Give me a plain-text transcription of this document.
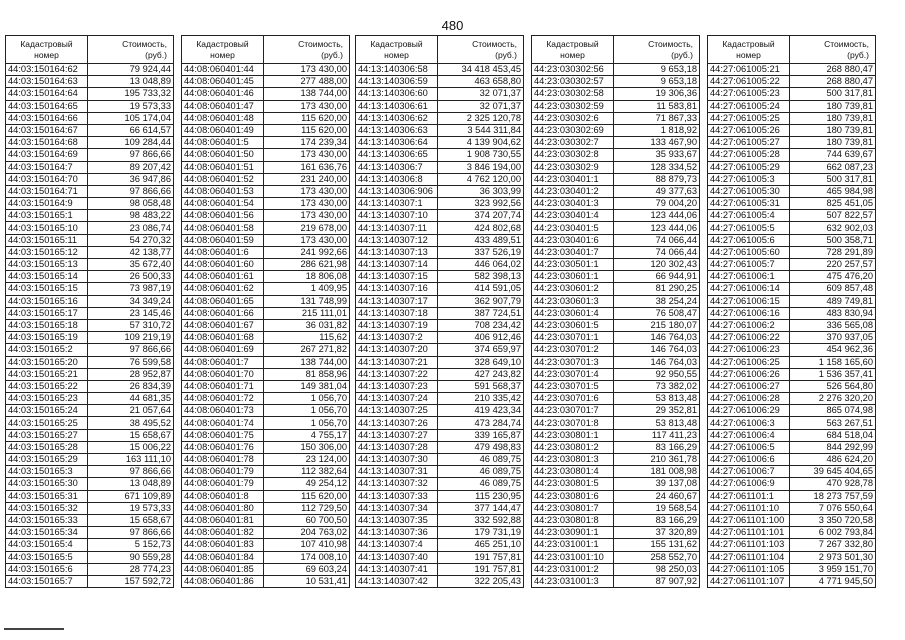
480
Кадастровый
номер	Стоимость,
(руб.)
44:03:150164:62	79 924,44
44:03:150164:63	13 048,89
44:03:150164:64	195 733,32
44:03:150164:65	19 573,33
44:03:150164:66	105 174,04
44:03:150164:67	66 614,57
44:03:150164:68	109 284,44
44:03:150164:69	97 866,66
44:03:150164:7	89 207,42
44:03:150164:70	36 947,86
44:03:150164:71	97 866,66
44:03:150164:9	98 058,48
44:03:150165:1	98 483,22
44:03:150165:10	23 086,74
44:03:150165:11	54 270,32
44:03:150165:12	42 138,77
44:03:150165:13	35 672,40
44:03:150165:14	26 500,33
44:03:150165:15	73 987,19
44:03:150165:16	34 349,24
44:03:150165:17	23 145,46
44:03:150165:18	57 310,72
44:03:150165:19	109 219,19
44:03:150165:2	97 866,66
44:03:150165:20	76 599,58
44:03:150165:21	28 952,87
44:03:150165:22	26 834,39
44:03:150165:23	44 681,35
44:03:150165:24	21 057,64
44:03:150165:25	38 495,52
44:03:150165:27	15 658,67
44:03:150165:28	15 006,22
44:03:150165:29	163 111,10
44:03:150165:3	97 866,66
44:03:150165:30	13 048,89
44:03:150165:31	671 109,89
44:03:150165:32	19 573,33
44:03:150165:33	15 658,67
44:03:150165:34	97 866,66
44:03:150165:4	5 152,73
44:03:150165:5	90 559,28
44:03:150165:6	28 774,23
44:03:150165:7	157 592,72
Кадастровый
номер	Стоимость,
(руб.)
44:08:060401:44	173 430,00
44:08:060401:45	277 488,00
44:08:060401:46	138 744,00
44:08:060401:47	173 430,00
44:08:060401:48	115 620,00
44:08:060401:49	115 620,00
44:08:060401:5	174 239,34
44:08:060401:50	173 430,00
44:08:060401:51	161 636,76
44:08:060401:52	231 240,00
44:08:060401:53	173 430,00
44:08:060401:54	173 430,00
44:08:060401:56	173 430,00
44:08:060401:58	219 678,00
44:08:060401:59	173 430,00
44:08:060401:6	241 992,66
44:08:060401:60	286 621,98
44:08:060401:61	18 806,08
44:08:060401:62	1 409,95
44:08:060401:65	131 748,99
44:08:060401:66	215 111,01
44:08:060401:67	36 031,82
44:08:060401:68	115,62
44:08:060401:69	267 271,82
44:08:060401:7	138 744,00
44:08:060401:70	81 858,96
44:08:060401:71	149 381,04
44:08:060401:72	1 056,70
44:08:060401:73	1 056,70
44:08:060401:74	1 056,70
44:08:060401:75	4 755,17
44:08:060401:76	150 306,00
44:08:060401:78	23 124,00
44:08:060401:79	112 382,64
44:08:060401:79	49 254,12
44:08:060401:8	115 620,00
44:08:060401:80	112 729,50
44:08:060401:81	60 700,50
44:08:060401:82	204 763,02
44:08:060401:83	107 410,98
44:08:060401:84	174 008,10
44:08:060401:85	69 603,24
44:08:060401:86	10 531,41
Кадастровый
номер	Стоимость,
(руб.)
44:13:140306:58	34 418 453,45
44:13:140306:59	463 658,80
44:13:140306:60	32 071,37
44:13:140306:61	32 071,37
44:13:140306:62	2 325 120,78
44:13:140306:63	3 544 311,84
44:13:140306:64	4 139 904,62
44:13:140306:65	1 908 730,55
44:13:140306:7	3 846 194,00
44:13:140306:8	4 762 120,00
44:13:140306:906	36 303,99
44:13:140307:1	323 992,56
44:13:140307:10	374 207,74
44:13:140307:11	424 802,68
44:13:140307:12	433 489,51
44:13:140307:13	337 526,19
44:13:140307:14	446 064,02
44:13:140307:15	582 398,13
44:13:140307:16	414 591,05
44:13:140307:17	362 907,79
44:13:140307:18	387 724,51
44:13:140307:19	708 234,42
44:13:140307:2	406 912,46
44:13:140307:20	374 659,97
44:13:140307:21	328 649,10
44:13:140307:22	427 243,82
44:13:140307:23	591 568,37
44:13:140307:24	210 335,42
44:13:140307:25	419 423,34
44:13:140307:26	473 284,74
44:13:140307:27	339 165,87
44:13:140307:28	479 498,83
44:13:140307:30	46 089,75
44:13:140307:31	46 089,75
44:13:140307:32	46 089,75
44:13:140307:33	115 230,95
44:13:140307:34	377 144,47
44:13:140307:35	332 592,88
44:13:140307:36	179 731,19
44:13:140307:4	465 251,10
44:13:140307:40	191 757,81
44:13:140307:41	191 757,81
44:13:140307:42	322 205,43
Кадастровый
номер	Стоимость,
(руб.)
44:23:030302:56	9 653,18
44:23:030302:57	9 653,18
44:23:030302:58	19 306,36
44:23:030302:59	11 583,81
44:23:030302:6	71 867,33
44:23:030302:69	1 818,92
44:23:030302:7	133 467,90
44:23:030302:8	35 933,67
44:23:030302:9	128 334,52
44:23:030401:1	88 879,73
44:23:030401:2	49 377,63
44:23:030401:3	79 004,20
44:23:030401:4	123 444,06
44:23:030401:5	123 444,06
44:23:030401:6	74 066,44
44:23:030401:7	74 066,44
44:23:030501:1	120 302,43
44:23:030601:1	66 944,91
44:23:030601:2	81 290,25
44:23:030601:3	38 254,24
44:23:030601:4	76 508,47
44:23:030601:5	215 180,07
44:23:030701:1	146 764,03
44:23:030701:2	146 764,03
44:23:030701:3	146 764,03
44:23:030701:4	92 950,55
44:23:030701:5	73 382,02
44:23:030701:6	53 813,48
44:23:030701:7	29 352,81
44:23:030701:8	53 813,48
44:23:030801:1	117 411,23
44:23:030801:2	83 166,29
44:23:030801:3	210 361,78
44:23:030801:4	181 008,98
44:23:030801:5	39 137,08
44:23:030801:6	24 460,67
44:23:030801:7	19 568,54
44:23:030801:8	83 166,29
44:23:030901:1	37 320,89
44:23:031001:1	155 131,62
44:23:031001:10	258 552,70
44:23:031001:2	98 250,03
44:23:031001:3	87 907,92
Кадастровый
номер	Стоимость,
(руб.)
44:27:061005:21	268 880,47
44:27:061005:22	268 880,47
44:27:061005:23	500 317,81
44:27:061005:24	180 739,81
44:27:061005:25	180 739,81
44:27:061005:26	180 739,81
44:27:061005:27	180 739,81
44:27:061005:28	744 639,67
44:27:061005:29	662 087,23
44:27:061005:3	500 317,81
44:27:061005:30	465 984,98
44:27:061005:31	825 451,05
44:27:061005:4	507 822,57
44:27:061005:5	632 902,03
44:27:061005:6	500 358,71
44:27:061005:60	728 291,89
44:27:061005:7	220 257,57
44:27:061006:1	475 476,20
44:27:061006:14	609 857,48
44:27:061006:15	489 749,81
44:27:061006:16	483 830,94
44:27:061006:2	336 565,08
44:27:061006:22	370 937,05
44:27:061006:23	454 962,36
44:27:061006:25	1 158 165,60
44:27:061006:26	1 536 357,41
44:27:061006:27	526 564,80
44:27:061006:28	2 276 320,20
44:27:061006:29	865 074,98
44:27:061006:3	563 267,51
44:27:061006:4	684 518,04
44:27:061006:5	844 292,99
44:27:061006:6	486 624,20
44:27:061006:7	39 645 404,65
44:27:061006:9	470 928,78
44:27:061101:1	18 273 757,59
44:27:061101:10	7 076 550,64
44:27:061101:100	3 350 720,58
44:27:061101:101	6 002 793,84
44:27:061101:103	7 267 332,80
44:27:061101:104	2 973 501,30
44:27:061101:105	3 959 151,70
44:27:061101:107	4 771 945,50
